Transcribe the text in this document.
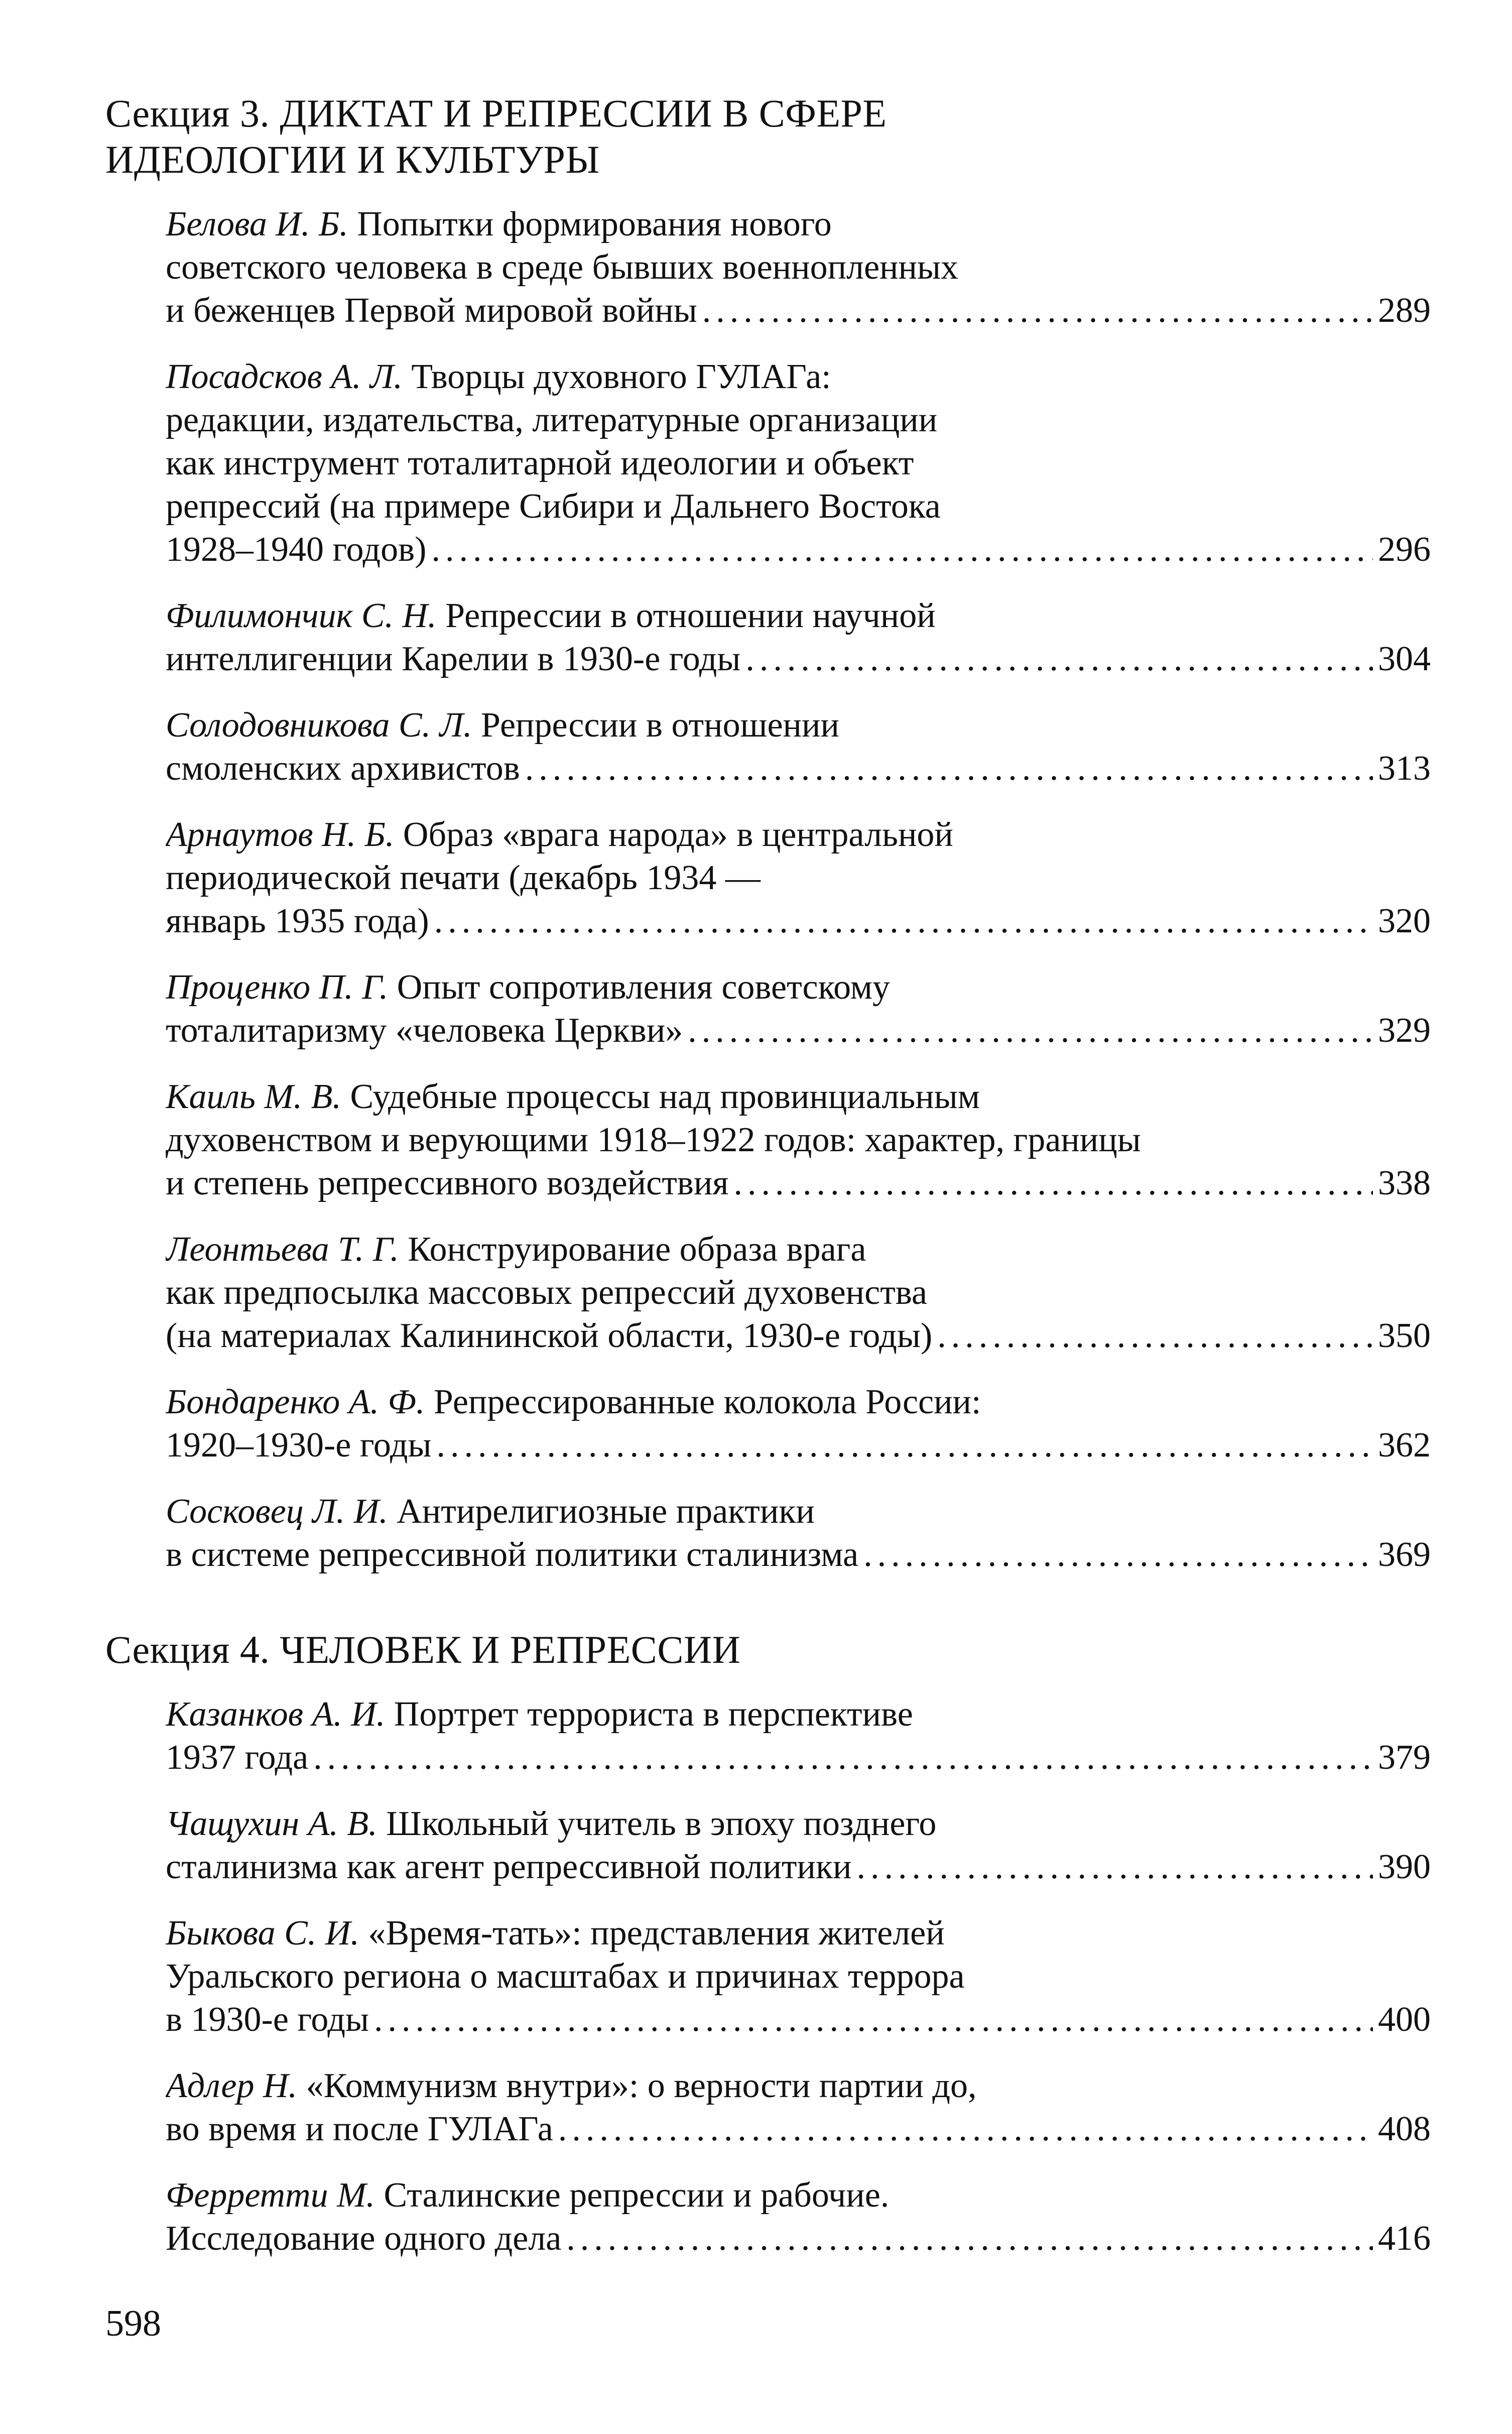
Секция 3. ДИКТАТ И РЕПРЕССИИ В СФЕРЕ
ИДЕОЛОГИИ И КУЛЬТУРЫ
Белова И. Б. Попытки формирования нового
советского человека в среде бывших военнопленных
и беженцев Первой мировой войны .....	289
Посадсков А. Л. Творцы духовного ГУЛАГа:
редакции, издательства, литературные организации
как инструмент тоталитарной идеологии и объект
репрессий (на примере Сибири и Дальнего Востока
1928–1940 годов) .....	296
Филимончик С. Н. Репрессии в отношении научной
интеллигенции Карелии в 1930-е годы .....	304
Солодовникова С. Л. Репрессии в отношении
смоленских архивистов .....	313
Арнаутов Н. Б. Образ «врага народа» в центральной
периодической печати (декабрь 1934 —
январь 1935 года) .....	320
Проценко П. Г. Опыт сопротивления советскому
тоталитаризму «человека Церкви» .....	329
Каиль М. В. Судебные процессы над провинциальным
духовенством и верующими 1918–1922 годов: характер, границы
и степень репрессивного воздействия .....	338
Леонтьева Т. Г. Конструирование образа врага
как предпосылка массовых репрессий духовенства
(на материалах Калининской области, 1930-е годы) .....	350
Бондаренко А. Ф. Репрессированные колокола России:
1920–1930-е годы .....	362
Сосковец Л. И. Антирелигиозные практики
в системе репрессивной политики сталинизма .....	369
Секция 4. ЧЕЛОВЕК И РЕПРЕССИИ
Казанков А. И. Портрет террориста в перспективе
1937 года .....	379
Чащухин А. В. Школьный учитель в эпоху позднего
сталинизма как агент репрессивной политики .....	390
Быкова С. И. «Время-тать»: представления жителей
Уральского региона о масштабах и причинах террора
в 1930-е годы .....	400
Адлер Н. «Коммунизм внутри»: о верности партии до,
во время и после ГУЛАГа .....	408
Ферретти М. Сталинские репрессии и рабочие.
Исследование одного дела .....	416
598
